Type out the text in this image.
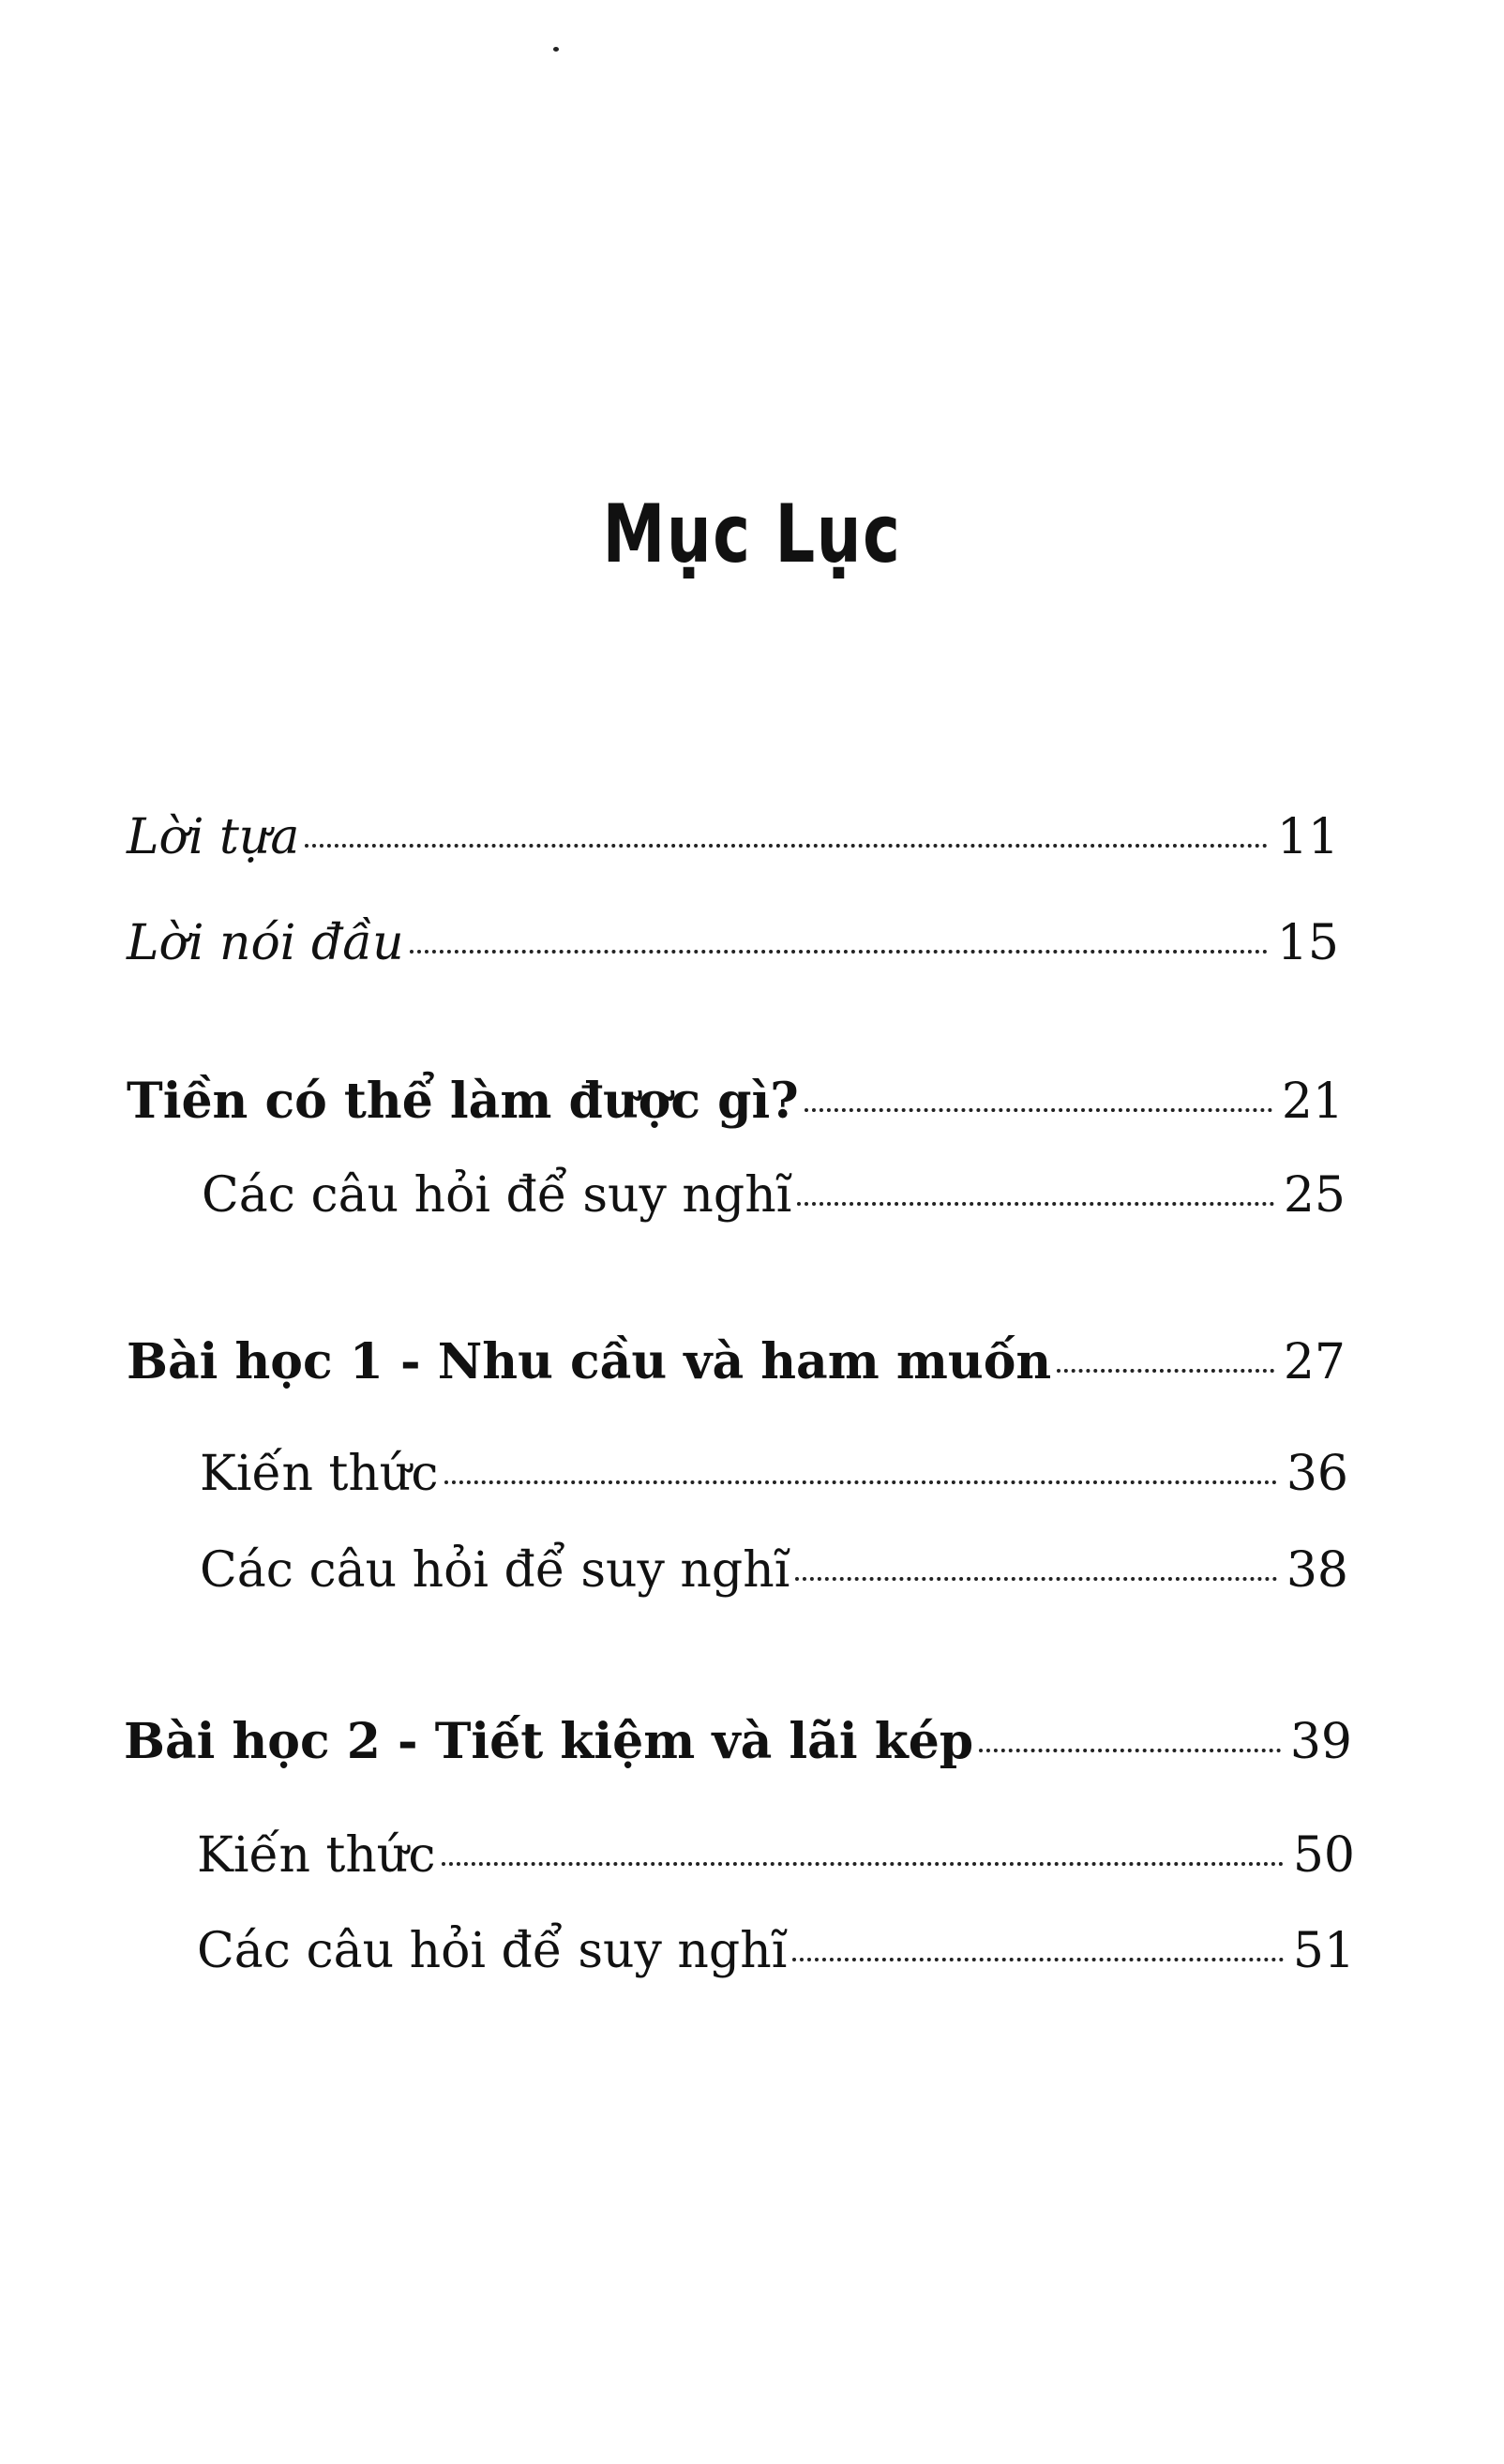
Mục Lục
Lời tựa	11
Lời nói đầu	15
Tiền có thể làm được gì?	21
Các câu hỏi để suy nghĩ	25
Bài học 1 - Nhu cầu và ham muốn	27
Kiến thức	36
Các câu hỏi để suy nghĩ	38
Bài học 2 - Tiết kiệm và lãi kép	39
Kiến thức	50
Các câu hỏi để suy nghĩ	51
